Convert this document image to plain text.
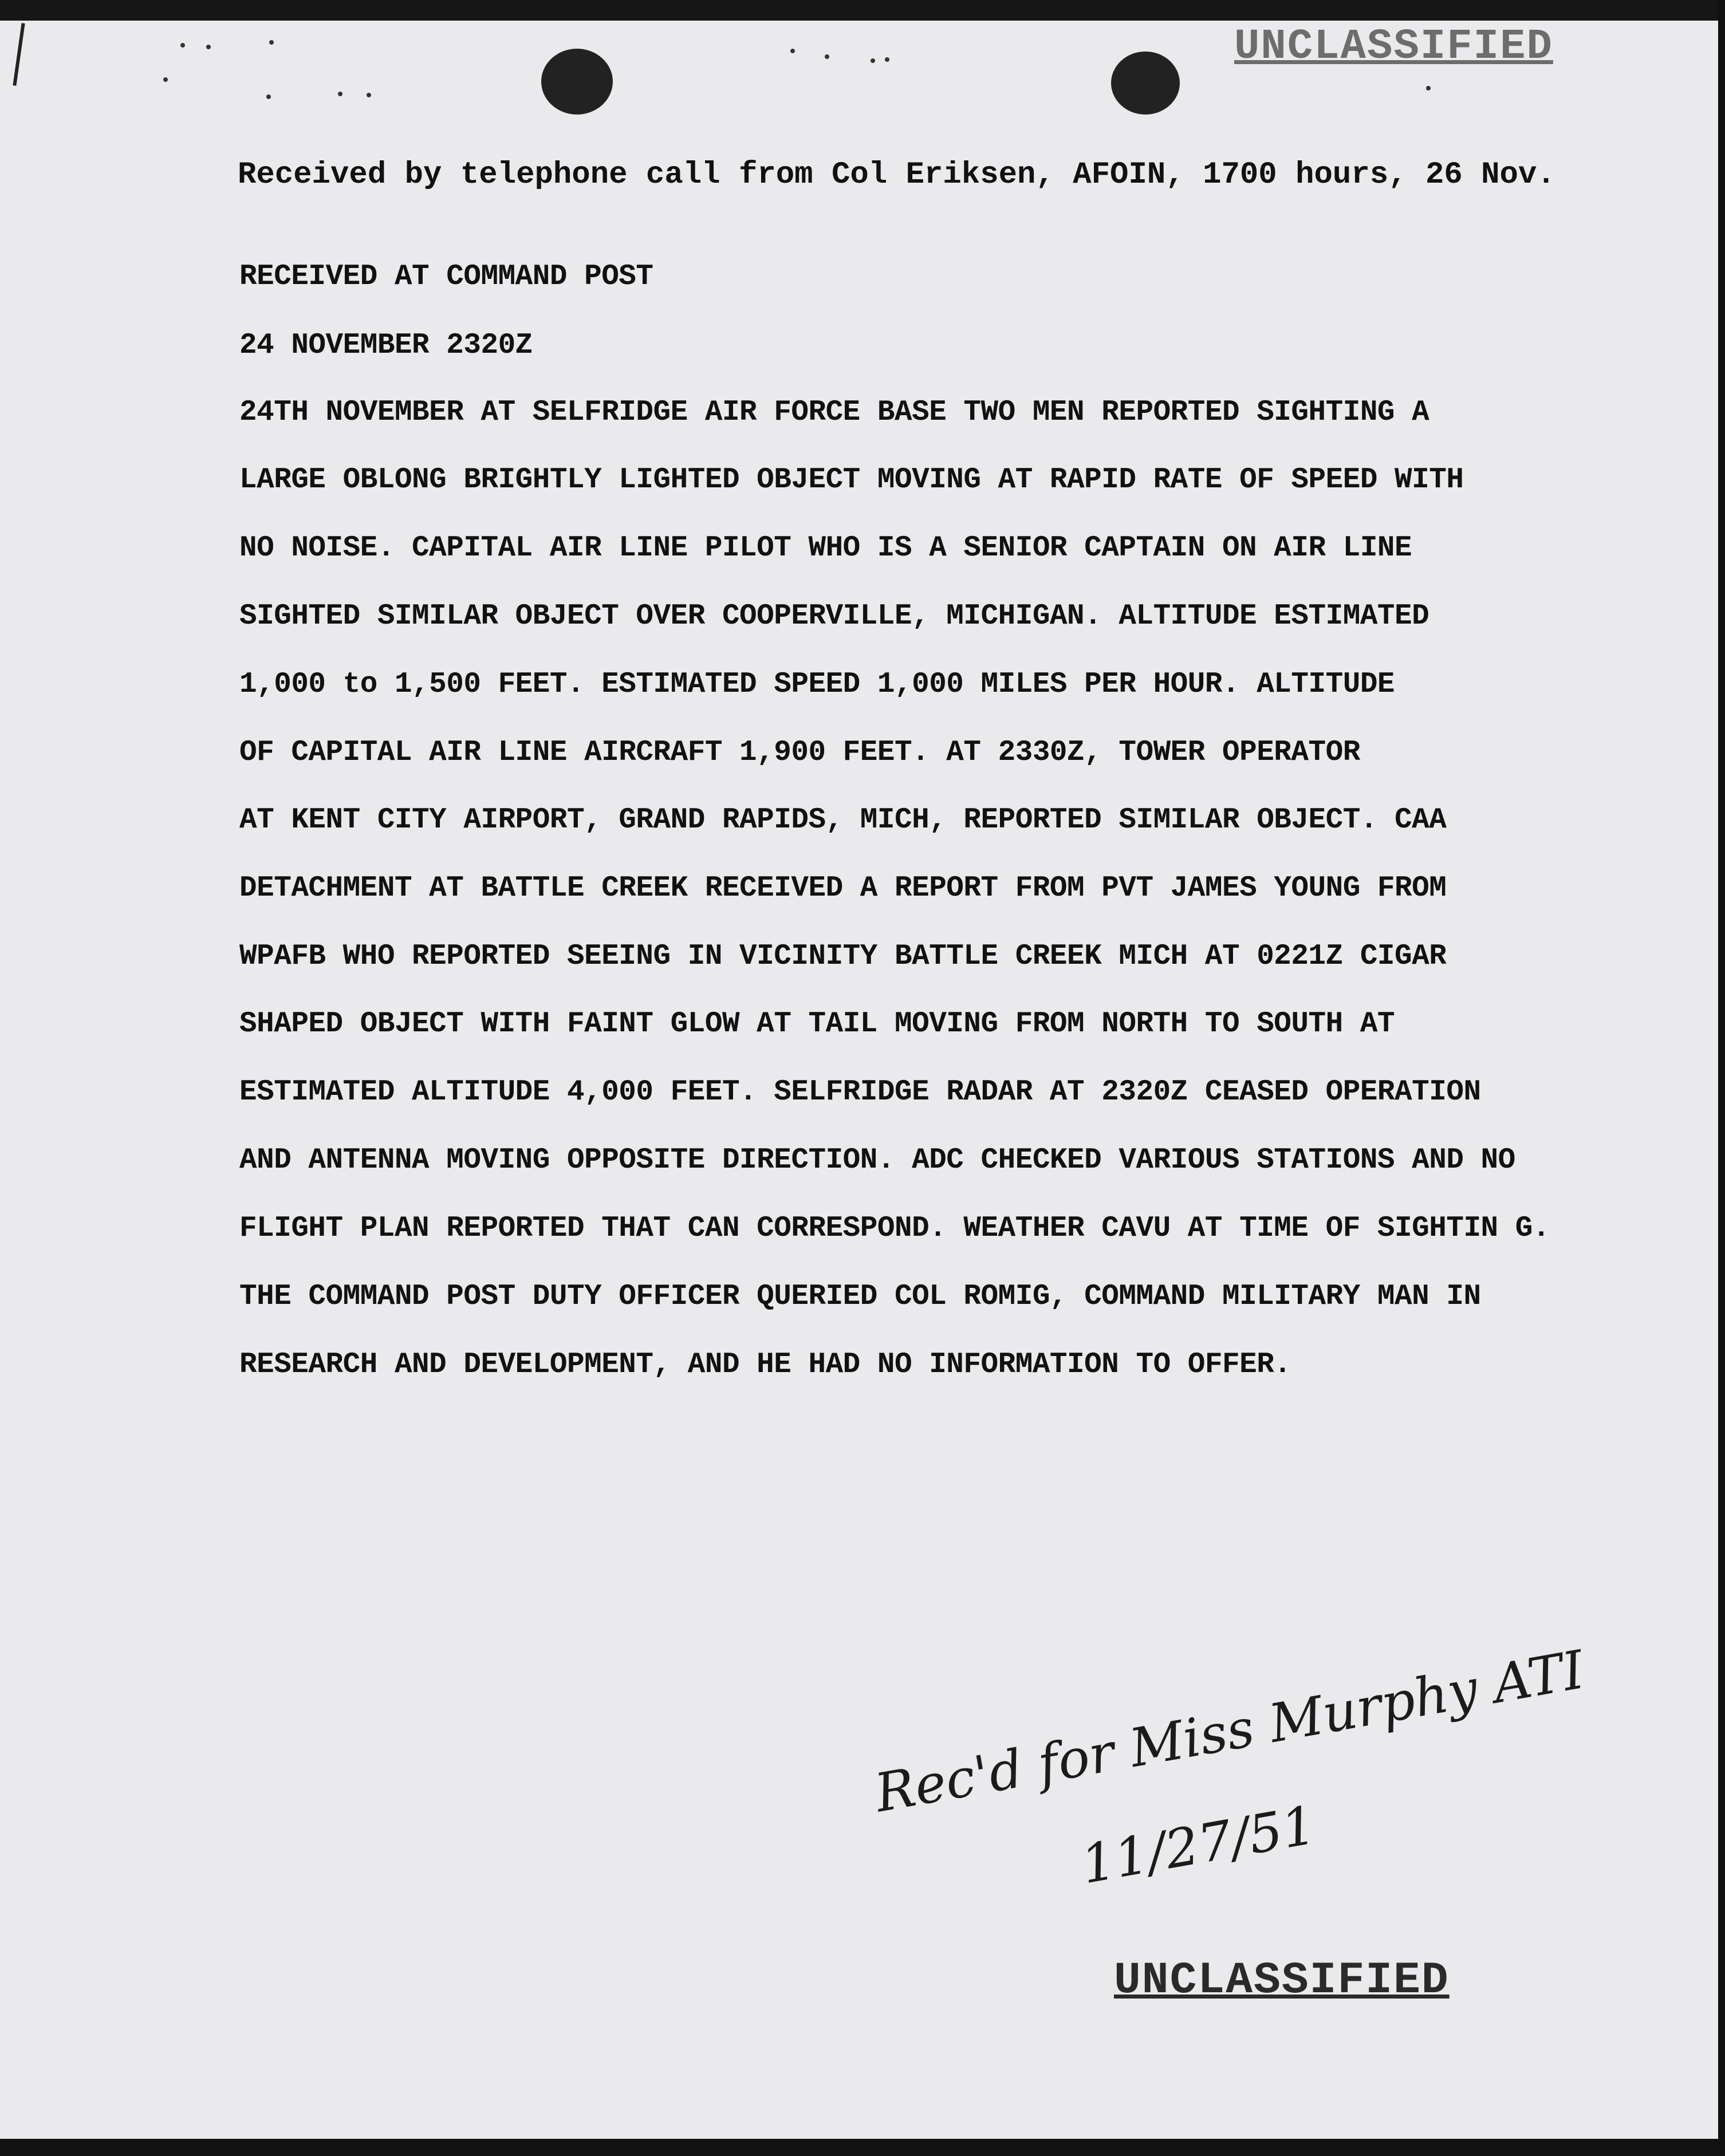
UNCLASSIFIED
Received by telephone call from Col Eriksen, AFOIN, 1700 hours, 26 Nov.
RECEIVED AT COMMAND POST
24 NOVEMBER 2320Z
24TH NOVEMBER AT SELFRIDGE AIR FORCE BASE TWO MEN REPORTED SIGHTING A
LARGE OBLONG BRIGHTLY LIGHTED OBJECT MOVING AT RAPID RATE OF SPEED WITH
NO NOISE. CAPITAL AIR LINE PILOT WHO IS A SENIOR CAPTAIN ON AIR LINE
SIGHTED SIMILAR OBJECT OVER COOPERVILLE, MICHIGAN. ALTITUDE ESTIMATED
1,000 to 1,500 FEET. ESTIMATED SPEED 1,000 MILES PER HOUR. ALTITUDE
OF CAPITAL AIR LINE AIRCRAFT 1,900 FEET. AT 2330Z, TOWER OPERATOR
AT KENT CITY AIRPORT, GRAND RAPIDS, MICH, REPORTED SIMILAR OBJECT. CAA
DETACHMENT AT BATTLE CREEK RECEIVED A REPORT FROM PVT JAMES YOUNG FROM
WPAFB WHO REPORTED SEEING IN VICINITY BATTLE CREEK MICH AT 0221Z CIGAR
SHAPED OBJECT WITH FAINT GLOW AT TAIL MOVING FROM NORTH TO SOUTH AT
ESTIMATED ALTITUDE 4,000 FEET. SELFRIDGE RADAR AT 2320Z CEASED OPERATION
AND ANTENNA MOVING OPPOSITE DIRECTION. ADC CHECKED VARIOUS STATIONS AND NO
FLIGHT PLAN REPORTED THAT CAN CORRESPOND. WEATHER CAVU AT TIME OF SIGHTIN G.
THE COMMAND POST DUTY OFFICER QUERIED COL ROMIG, COMMAND MILITARY MAN IN
RESEARCH AND DEVELOPMENT, AND HE HAD NO INFORMATION TO OFFER.
Rec'd for Miss Murphy ATI
11/27/51
UNCLASSIFIED
